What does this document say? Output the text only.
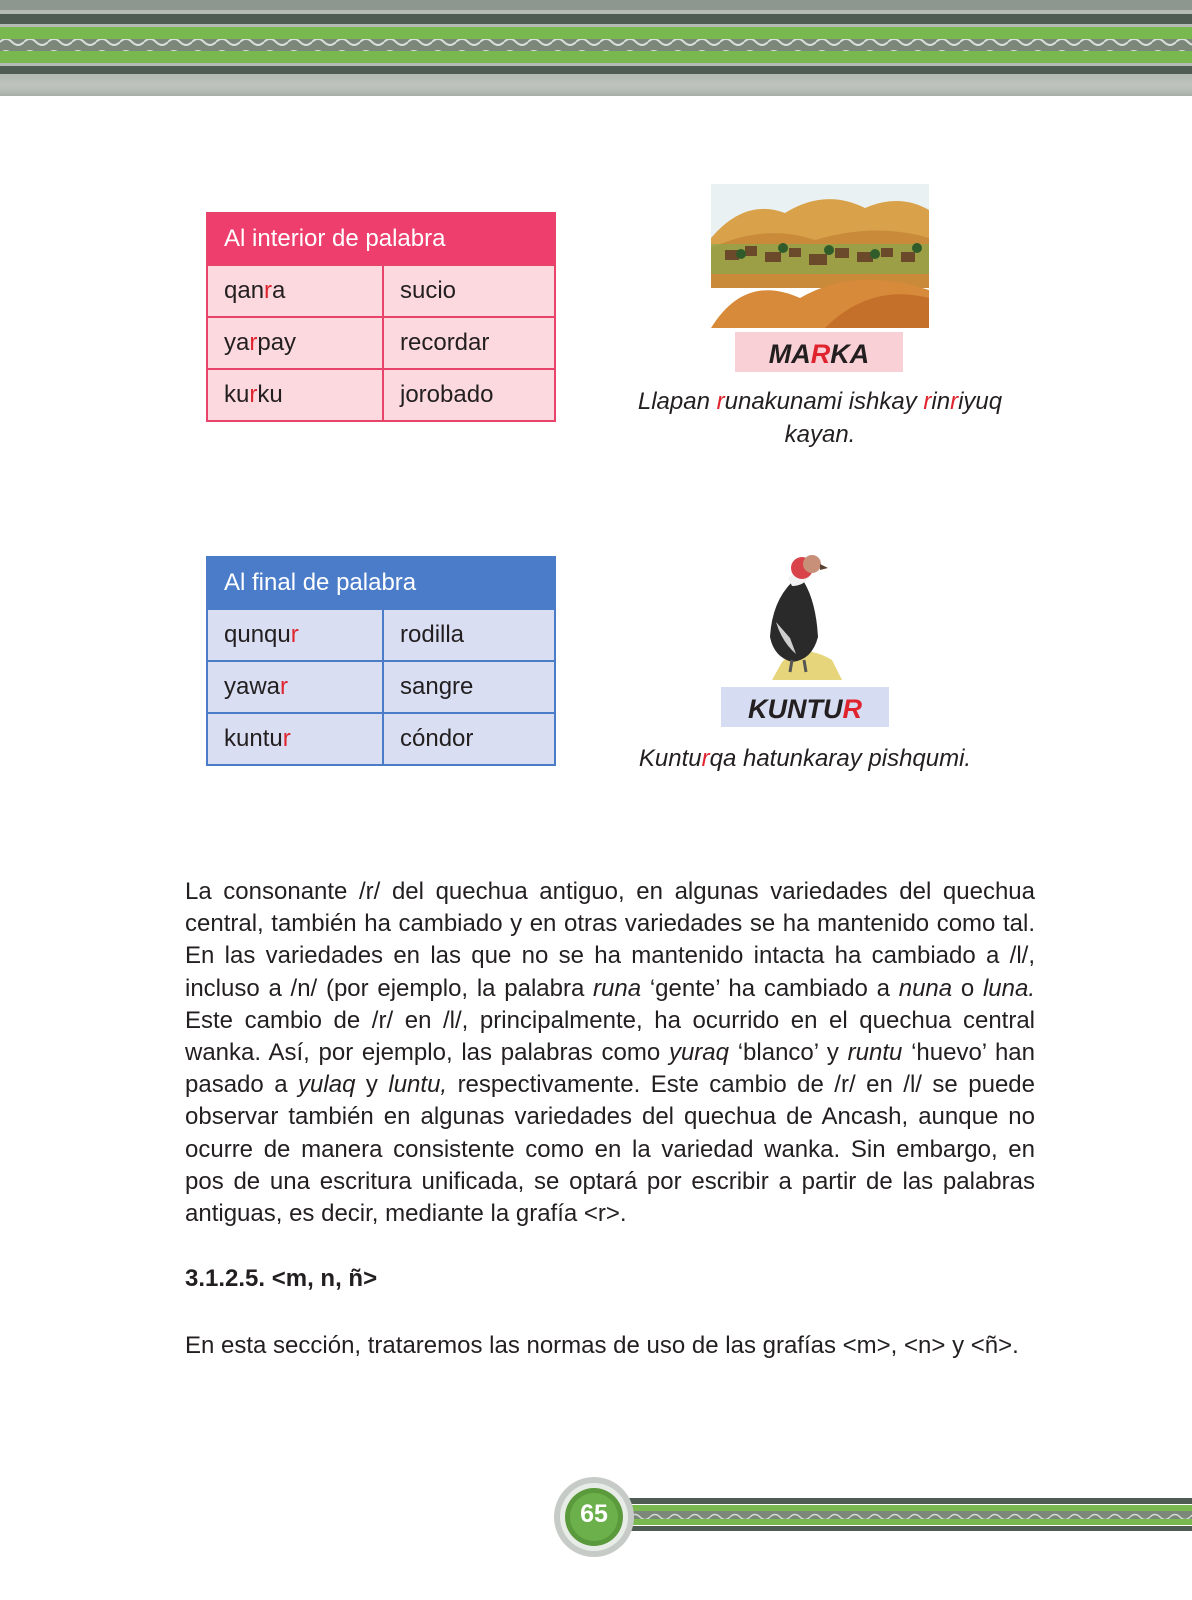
Al interior de palabra	
qanra	sucio
yarpay	recordar
kurku	jorobado
MARKA
Llapan runakunami ishkay rinriyuq kayan.
Al final de palabra	
qunqur	rodilla
yawar	sangre
kuntur	cóndor
KUNTUR
Kunturqa hatunkaray pishqumi.

La consonante /r/ del quechua antiguo, en algunas variedades del quechua central, también ha cambiado y en otras variedades se ha mantenido como tal. En las variedades en las que no se ha mantenido intacta ha cambiado a /l/, incluso a /n/ (por ejemplo, la palabra runa ‘gente’ ha cambiado a nuna o luna. Este cambio de /r/ en /l/, principalmente, ha ocurrido en el quechua central wanka. Así, por ejemplo, las palabras como yuraq ‘blanco’ y runtu ‘huevo’ han pasado a yulaq y luntu, respectivamente. Este cambio de /r/ en /l/ se puede observar también en algunas variedades del quechua de Ancash, aunque no ocurre de manera consistente como en la variedad wanka. Sin embargo, en pos de una escritura unificada, se optará por escribir a partir de las palabras antiguas, es decir, mediante la grafía <r>.

3.1.2.5. <m, n, ñ>

En esta sección, trataremos las normas de uso de las grafías <m>, <n> y <ñ>.

65
